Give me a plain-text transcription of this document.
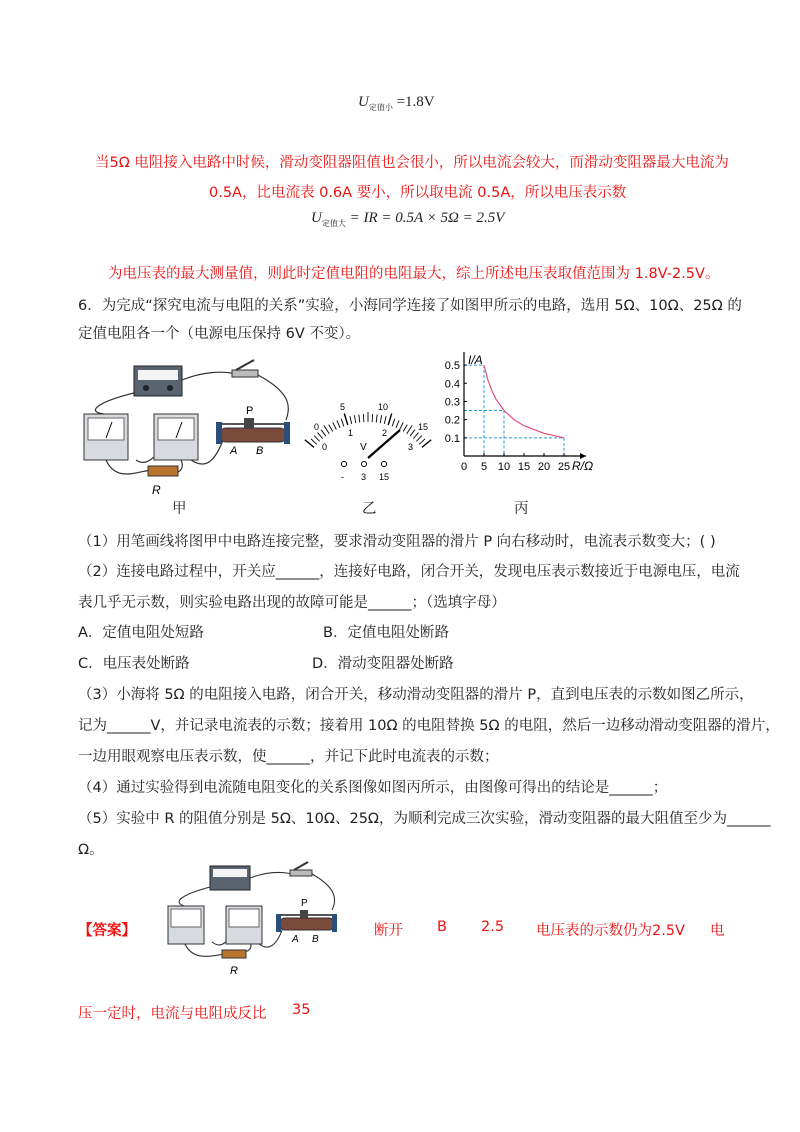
$U_{定值小} =1.8V$
当5Ω 电阻接入电路中时候，滑动变阻器阻值也会很小，所以电流会较大，而滑动变阻器最大电流为
0.5A，比电流表 0.6A 要小，所以取电流 0.5A，所以电压表示数
$U_{定值大}$ = IR = 0.5A × 5Ω = 2.5V
为电压表的最大测量值，则此时定值电阻的电阻最大，综上所述电压表取值范围为 1.8V-2.5V。
6．为完成“探究电流与电阻的关系”实验，小海同学连接了如图甲所示的电路，选用 5Ω、10Ω、25Ω 的
定值电阻各一个（电源电压保持 6V 不变）。
P
A B
R
甲
0
5	10
15
0
1	2
3
V
- 3 15
乙
0 5 10 15 20 25
0.1
0.2
0.3
0.4
0.5 I/A
R/Ω
丙
（1）用笔画线将图甲中电路连接完整，要求滑动变阻器的滑片 P 向右移动时，电流表示数变大；( )
（2）连接电路过程中，开关应______，连接好电路，闭合开关，发现电压表示数接近于电源电压，电流
表几乎无示数，则实验电路出现的故障可能是______；（选填字母）
A．定值电阻处短路	B．定值电阻处断路
C．电压表处断路	D．滑动变阻器处断路
（3）小海将 5Ω 的电阻接入电路，闭合开关，移动滑动变阻器的滑片 P，直到电压表的示数如图乙所示，
记为______V，并记录电流表的示数；接着用 10Ω 的电阻替换 5Ω 的电阻，然后一边移动滑动变阻器的滑片，
一边用眼观察电压表示数，使______，并记下此时电流表的示数；
（4）通过实验得到电流随电阻变化的关系图像如图丙所示，由图像可得出的结论是______；
（5）实验中 R 的阻值分别是 5Ω、10Ω、25Ω，为顺利完成三次实验，滑动变阻器的最大阻值至少为______
Ω。
【答案】
P
A B
R
断开 B 2.5 电压表的示数仍为2.5V 电
压一定时，电流与电阻成反比 35
